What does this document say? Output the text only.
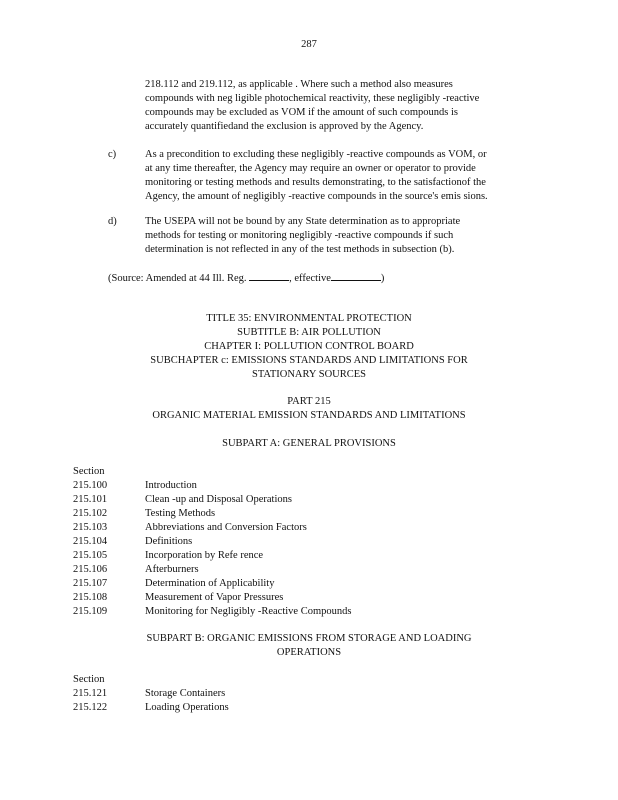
287
218.112 and 219.112, as applicable . Where such a method also measures
compounds with neg ligible photochemical reactivity, these negligibly -reactive
compounds may be excluded as VOM if the amount of such compounds is
accurately quantifiedand the exclusion is approved by the Agency.
c)	As a precondition to excluding these negligibly -reactive compounds as VOM, or
at any time thereafter, the Agency may require an owner or operator to provide
monitoring or testing methods and results demonstrating, to the satisfactionof the
Agency, the amount of negligibly -reactive compounds in the source's emis sions.
d)	The USEPA will not be bound by any State determination as to appropriate
methods for testing or monitoring negligibly -reactive compounds if such
determination is not reflected in any of the test methods in subsection (b).
(Source: Amended at 44 Ill. Reg.	, effective	)
TITLE 35: ENVIRONMENTAL PROTECTION
SUBTITLE B: AIR POLLUTION
CHAPTER I: POLLUTION CONTROL BOARD
SUBCHAPTER c: EMISSIONS STANDARDS AND LIMITATIONS FOR
STATIONARY SOURCES
PART 215
ORGANIC MATERIAL EMISSION STANDARDS AND LIMITATIONS
SUBPART A: GENERAL PROVISIONS
Section
215.100	Introduction
215.101	Clean -up and Disposal Operations
215.102	Testing Methods
215.103	Abbreviations and Conversion Factors
215.104	Definitions
215.105	Incorporation by Refe rence
215.106	Afterburners
215.107	Determination of Applicability
215.108	Measurement of Vapor Pressures
215.109	Monitoring for Negligibly -Reactive Compounds
SUBPART B: ORGANIC EMISSIONS FROM STORAGE AND LOADING
OPERATIONS
Section
215.121	Storage Containers
215.122	Loading Operations
